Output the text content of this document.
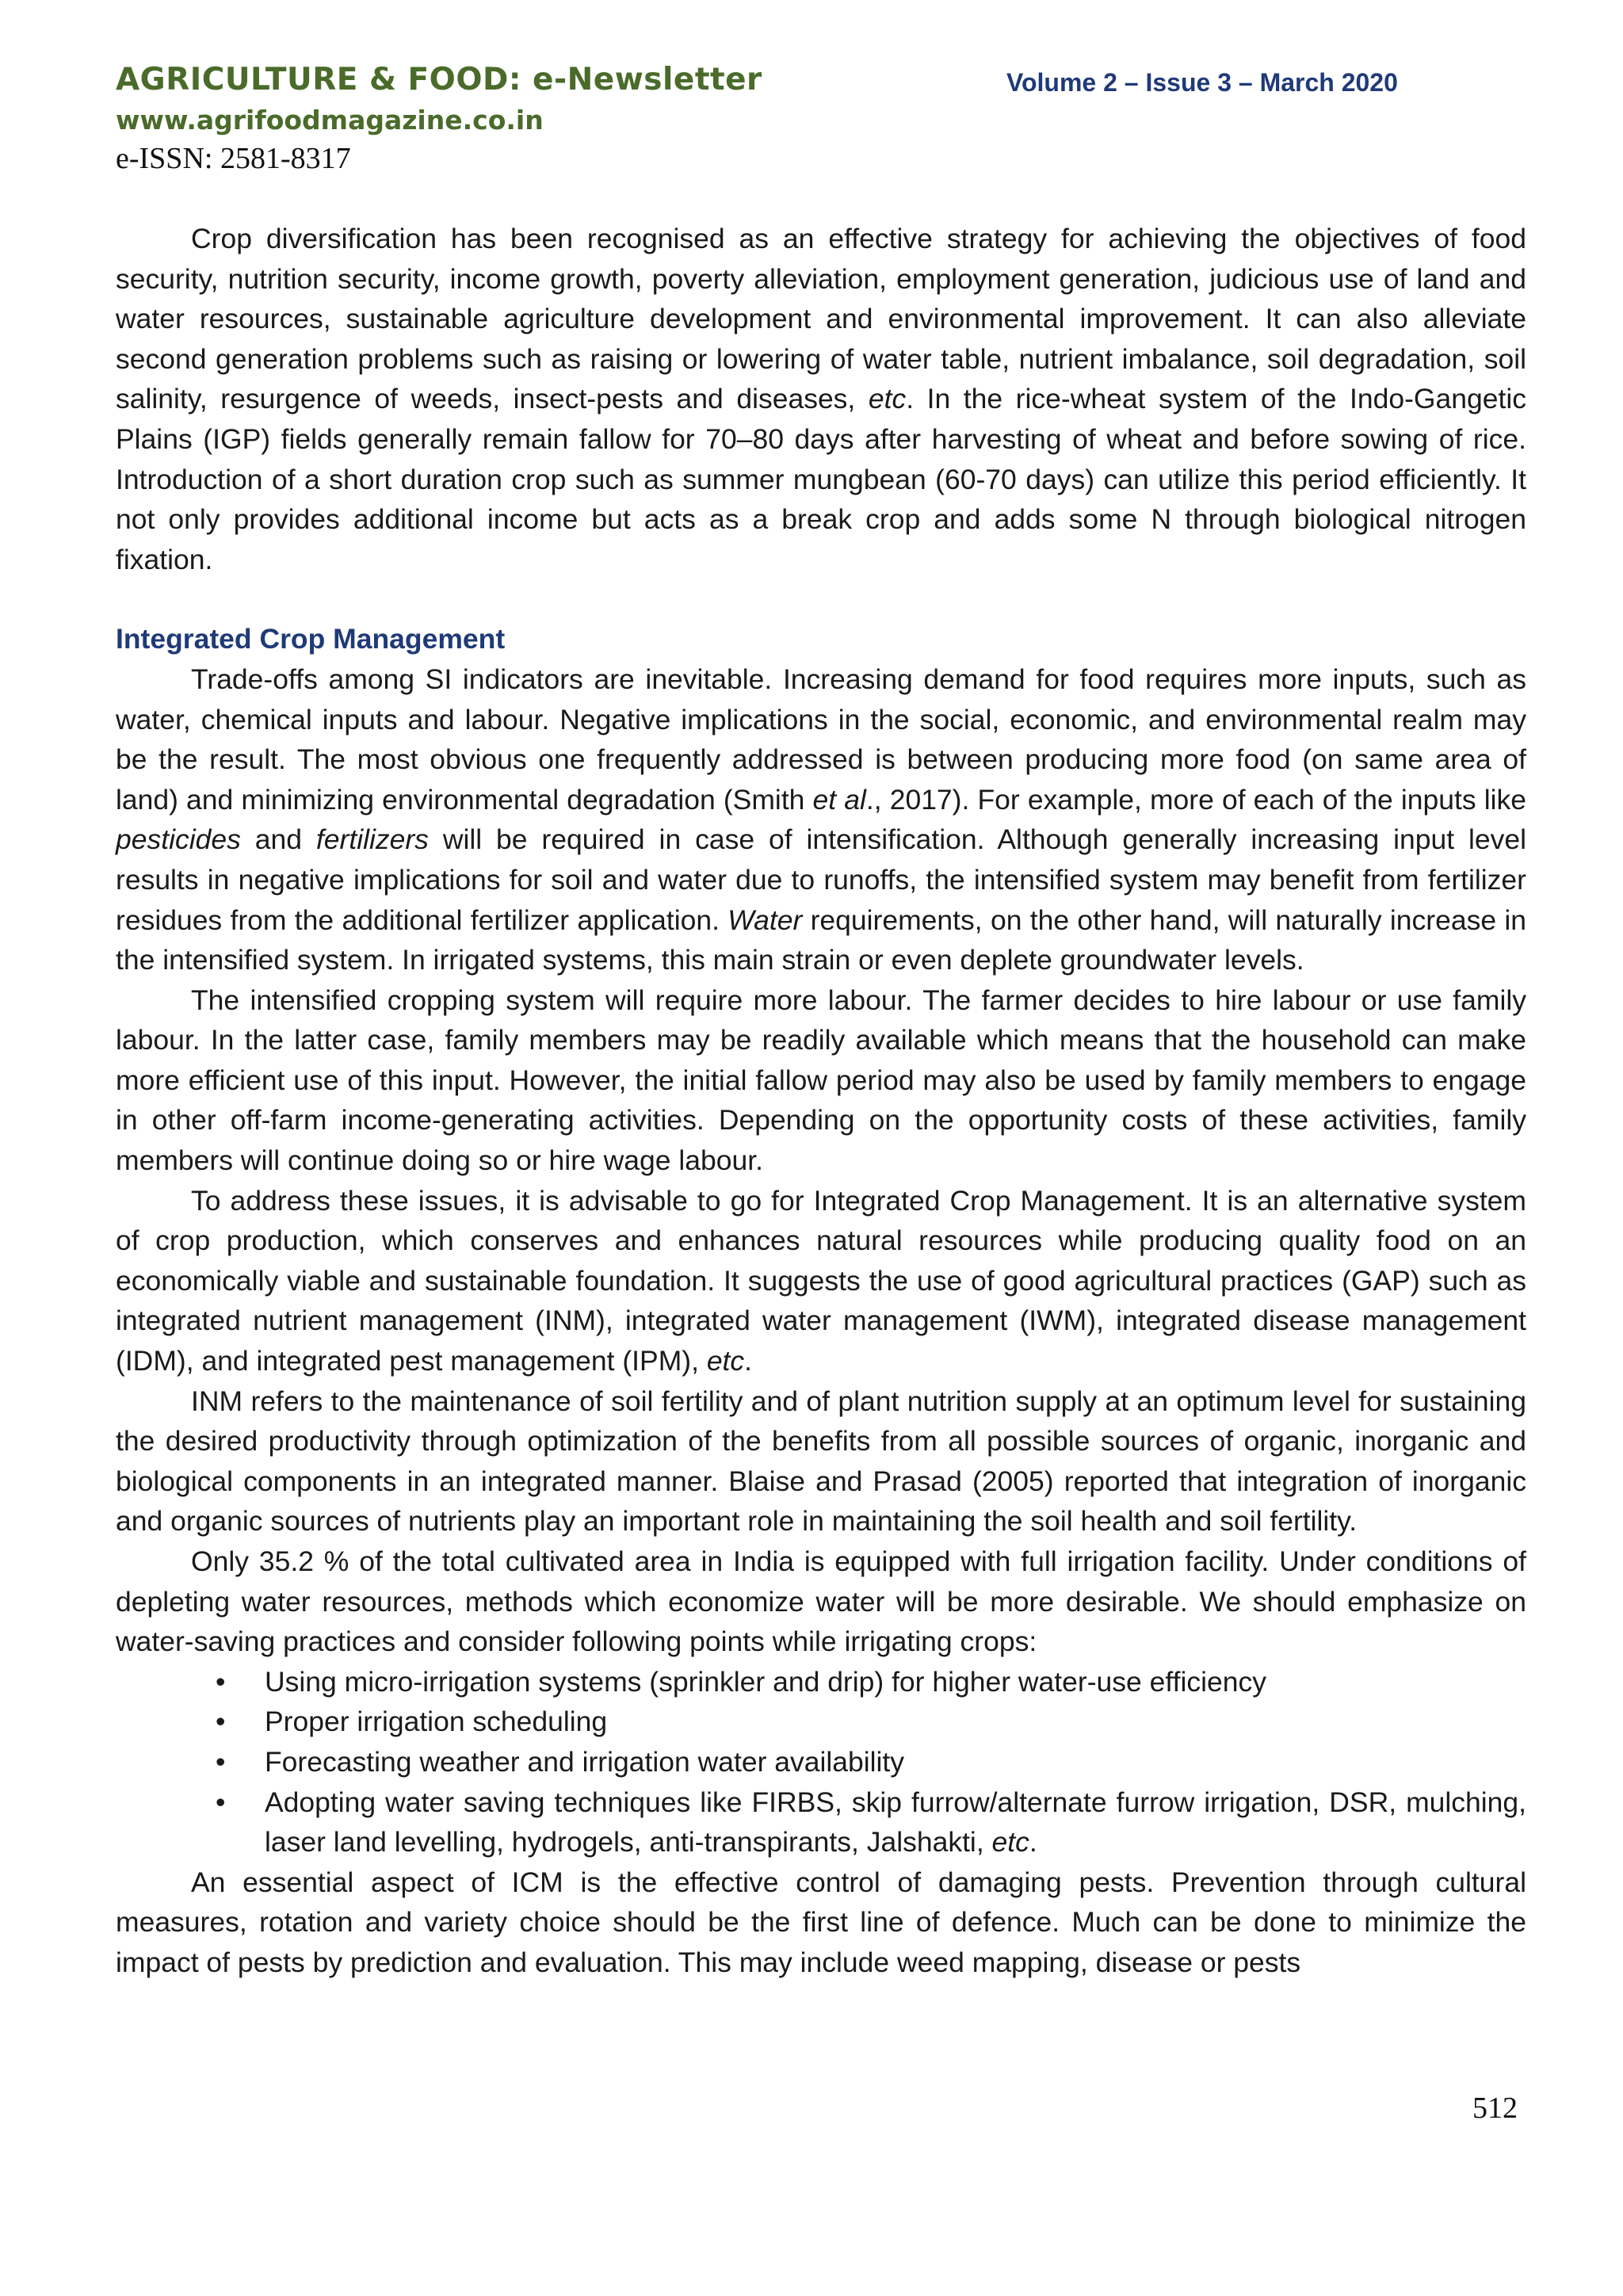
AGRICULTURE & FOOD: e-Newsletter	Volume 2 – Issue 3 – March 2020
www.agrifoodmagazine.co.in
e-ISSN: 2581-8317

Crop diversification has been recognised as an effective strategy for achieving the objectives of food security, nutrition security, income growth, poverty alleviation, employment generation, judicious use of land and water resources, sustainable agriculture development and environmental improvement. It can also alleviate second generation problems such as raising or lowering of water table, nutrient imbalance, soil degradation, soil salinity, resurgence of weeds, insect-pests and diseases, etc. In the rice-wheat system of the Indo-Gangetic Plains (IGP) fields generally remain fallow for 70–80 days after harvesting of wheat and before sowing of rice. Introduction of a short duration crop such as summer mungbean (60-70 days) can utilize this period efficiently. It not only provides additional income but acts as a break crop and adds some N through biological nitrogen fixation.

Integrated Crop Management

Trade-offs among SI indicators are inevitable. Increasing demand for food requires more inputs, such as water, chemical inputs and labour. Negative implications in the social, economic, and environmental realm may be the result. The most obvious one frequently addressed is between producing more food (on same area of land) and minimizing environmental degradation (Smith et al., 2017). For example, more of each of the inputs like pesticides and fertilizers will be required in case of intensification. Although generally increasing input level results in negative implications for soil and water due to runoffs, the intensified system may benefit from fertilizer residues from the additional fertilizer application. Water requirements, on the other hand, will naturally increase in the intensified system. In irrigated systems, this main strain or even deplete groundwater levels.

The intensified cropping system will require more labour. The farmer decides to hire labour or use family labour. In the latter case, family members may be readily available which means that the household can make more efficient use of this input. However, the initial fallow period may also be used by family members to engage in other off-farm income-generating activities. Depending on the opportunity costs of these activities, family members will continue doing so or hire wage labour.

To address these issues, it is advisable to go for Integrated Crop Management. It is an alternative system of crop production, which conserves and enhances natural resources while producing quality food on an economically viable and sustainable foundation. It suggests the use of good agricultural practices (GAP) such as integrated nutrient management (INM), integrated water management (IWM), integrated disease management (IDM), and integrated pest management (IPM), etc.

INM refers to the maintenance of soil fertility and of plant nutrition supply at an optimum level for sustaining the desired productivity through optimization of the benefits from all possible sources of organic, inorganic and biological components in an integrated manner. Blaise and Prasad (2005) reported that integration of inorganic and organic sources of nutrients play an important role in maintaining the soil health and soil fertility.

Only 35.2 % of the total cultivated area in India is equipped with full irrigation facility. Under conditions of depleting water resources, methods which economize water will be more desirable. We should emphasize on water-saving practices and consider following points while irrigating crops:

• Using micro-irrigation systems (sprinkler and drip) for higher water-use efficiency
• Proper irrigation scheduling
• Forecasting weather and irrigation water availability
• Adopting water saving techniques like FIRBS, skip furrow/alternate furrow irrigation, DSR, mulching, laser land levelling, hydrogels, anti-transpirants, Jalshakti, etc.

An essential aspect of ICM is the effective control of damaging pests. Prevention through cultural measures, rotation and variety choice should be the first line of defence. Much can be done to minimize the impact of pests by prediction and evaluation. This may include weed mapping, disease or pests

512
